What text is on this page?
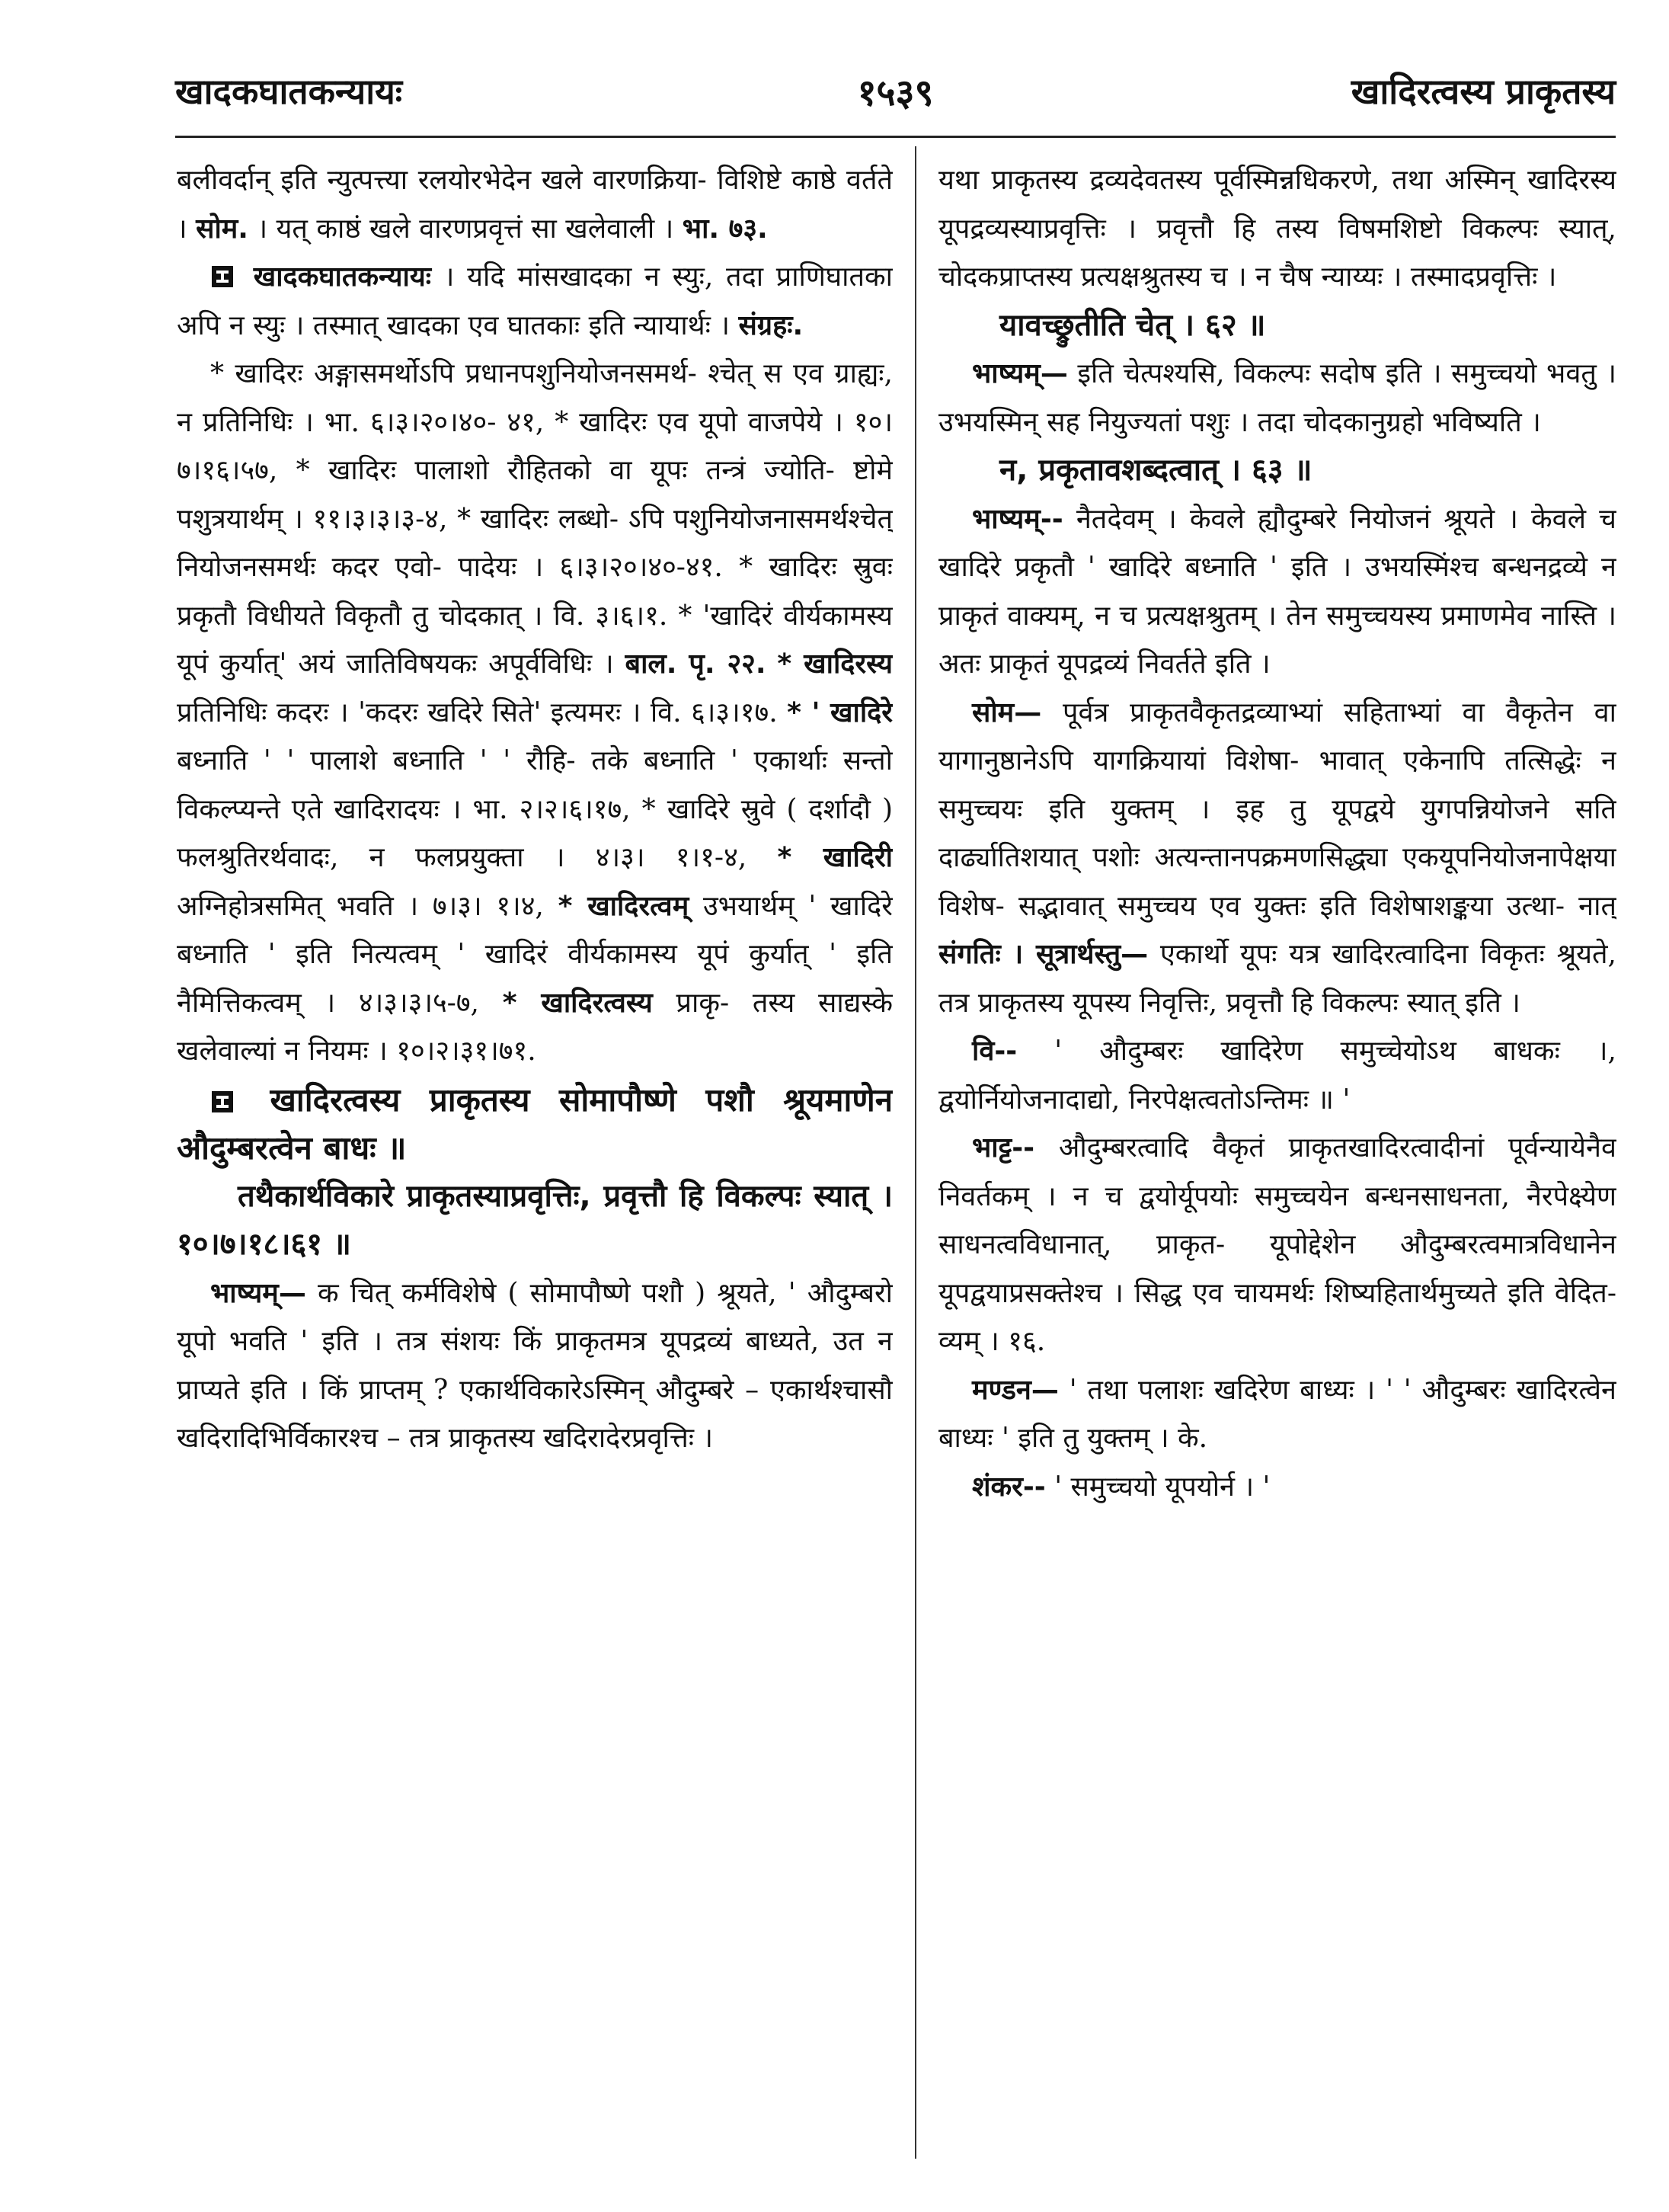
खादकघातकन्यायः	१५३९	खादिरत्वस्य प्राकृतस्य

बलीवर्दान् इति न्युत्पत्त्या रलयोरभेदेन खले वारणक्रिया- विशिष्टे काष्ठे वर्तते । सोम. । यत् काष्ठं खले वारणप्रवृत्तं सा खलेवाली । भा. ७३.

खादकघातकन्यायः । यदि मांसखादका न स्युः, तदा प्राणिघातका अपि न स्युः । तस्मात् खादका एव घातकाः इति न्यायार्थः । संग्रहः.

* खादिरः अङ्गासमर्थोऽपि प्रधानपशुनियोजनसमर्थ- श्चेत् स एव ग्राह्यः, न प्रतिनिधिः । भा. ६।३।२०।४०- ४१, * खादिरः एव यूपो वाजपेये । १०।७।१६।५७, * खादिरः पालाशो रौहितको वा यूपः तन्त्रं ज्योति- ष्टोमे पशुत्रयार्थम् । ११।३।३।३-४, * खादिरः लब्धो- ऽपि पशुनियोजनासमर्थश्चेत् नियोजनसमर्थः कदर एवो- पादेयः । ६।३।२०।४०-४१. * खादिरः स्रुवः प्रकृतौ विधीयते विकृतौ तु चोदकात् । वि. ३।६।१. * 'खादिरं वीर्यकामस्य यूपं कुर्यात्' अयं जातिविषयकः अपूर्वविधिः । बाल. पृ. २२. * खादिरस्य प्रतिनिधिः कदरः । 'कदरः खदिरे सिते' इत्यमरः । वि. ६।३।१७. * ' खादिरे बध्नाति ' ' पालाशे बध्नाति ' ' रौहि- तके बध्नाति ' एकार्थाः सन्तो विकल्प्यन्ते एते खादिरादयः । भा. २।२।६।१७, * खादिरे स्रुवे ( दर्शादौ ) फलश्रुतिरर्थवादः, न फलप्रयुक्ता । ४।३। १।१-४, * खादिरी अग्निहोत्रसमित् भवति । ७।३। १।४, * खादिरत्वम् उभयार्थम् ' खादिरे बध्नाति ' इति नित्यत्वम् ' खादिरं वीर्यकामस्य यूपं कुर्यात् ' इति नैमित्तिकत्वम् । ४।३।३।५-७, * खादिरत्वस्य प्राकृ- तस्य साद्यस्के खलेवाल्यां न नियमः । १०।२।३१।७१.

खादिरत्वस्य प्राकृतस्य सोमापौष्णे पशौ श्रूयमाणेन औदुम्बरत्वेन बाधः ॥

तथैकार्थविकारे प्राकृतस्याप्रवृत्तिः, प्रवृत्तौ हि विकल्पः स्यात् । १०।७।१८।६१ ॥

भाष्यम्— क चित् कर्मविशेषे ( सोमापौष्णे पशौ ) श्रूयते, ' औदुम्बरो यूपो भवति ' इति । तत्र संशयः किं प्राकृतमत्र यूपद्रव्यं बाध्यते, उत न प्राप्यते इति । किं प्राप्तम् ? एकार्थविकारेऽस्मिन् औदुम्बरे – एकार्थश्चासौ खदिरादिभिर्विकारश्च – तत्र प्राकृतस्य खदिरादेरप्रवृत्तिः ।

यथा प्राकृतस्य द्रव्यदेवतस्य पूर्वस्मिन्नधिकरणे, तथा अस्मिन् खादिरस्य यूपद्रव्यस्याप्रवृत्तिः । प्रवृत्तौ हि तस्य विषमशिष्टो विकल्पः स्यात्, चोदकप्राप्तस्य प्रत्यक्षश्रुतस्य च । न चैष न्याय्यः । तस्मादप्रवृत्तिः ।

यावच्छ्रुतीति चेत् । ६२ ॥

भाष्यम्— इति चेत्पश्यसि, विकल्पः सदोष इति । समुच्चयो भवतु । उभयस्मिन् सह नियुज्यतां पशुः । तदा चोदकानुग्रहो भविष्यति ।

न, प्रकृतावशब्दत्वात् । ६३ ॥

भाष्यम्-- नैतदेवम् । केवले ह्यौदुम्बरे नियोजनं श्रूयते । केवले च खादिरे प्रकृतौ ' खादिरे बध्नाति ' इति । उभयस्मिंश्च बन्धनद्रव्ये न प्राकृतं वाक्यम्, न च प्रत्यक्षश्रुतम् । तेन समुच्चयस्य प्रमाणमेव नास्ति । अतः प्राकृतं यूपद्रव्यं निवर्तते इति ।

सोम— पूर्वत्र प्राकृतवैकृतद्रव्याभ्यां सहिताभ्यां वा वैकृतेन वा यागानुष्ठानेऽपि यागक्रियायां विशेषा- भावात् एकेनापि तत्सिद्धेः न समुच्चयः इति युक्तम् । इह तु यूपद्वये युगपन्नियोजने सति दार्ढ्यातिशयात् पशोः अत्यन्तानपक्रमणसिद्ध्या एकयूपनियोजनापेक्षया विशेष- सद्भावात् समुच्चय एव युक्तः इति विशेषाशङ्कया उत्था- नात् संगतिः । सूत्रार्थस्तु— एकार्थो यूपः यत्र खादिरत्वादिना विकृतः श्रूयते, तत्र प्राकृतस्य यूपस्य निवृत्तिः, प्रवृत्तौ हि विकल्पः स्यात् इति ।

वि-- ' औदुम्बरः खादिरेण समुच्चेयोऽथ बाधकः ।, द्वयोर्नियोजनादाद्यो, निरपेक्षत्वतोऽन्तिमः ॥ '

भाट्ट-- औदुम्बरत्वादि वैकृतं प्राकृतखादिरत्वादीनां पूर्वन्यायेनैव निवर्तकम् । न च द्वयोर्यूपयोः समुच्चयेन बन्धनसाधनता, नैरपेक्ष्येण साधनत्वविधानात्, प्राकृत- यूपोद्देशेन औदुम्बरत्वमात्रविधानेन यूपद्वयाप्रसक्तेश्च । सिद्ध एव चायमर्थः शिष्यहितार्थमुच्यते इति वेदित- व्यम् । १६.

मण्डन— ' तथा पलाशः खदिरेण बाध्यः । ' ' औदुम्बरः खादिरत्वेन बाध्यः ' इति तु युक्तम् । के.

शंकर-- ' समुच्चयो यूपयोर्न । '
